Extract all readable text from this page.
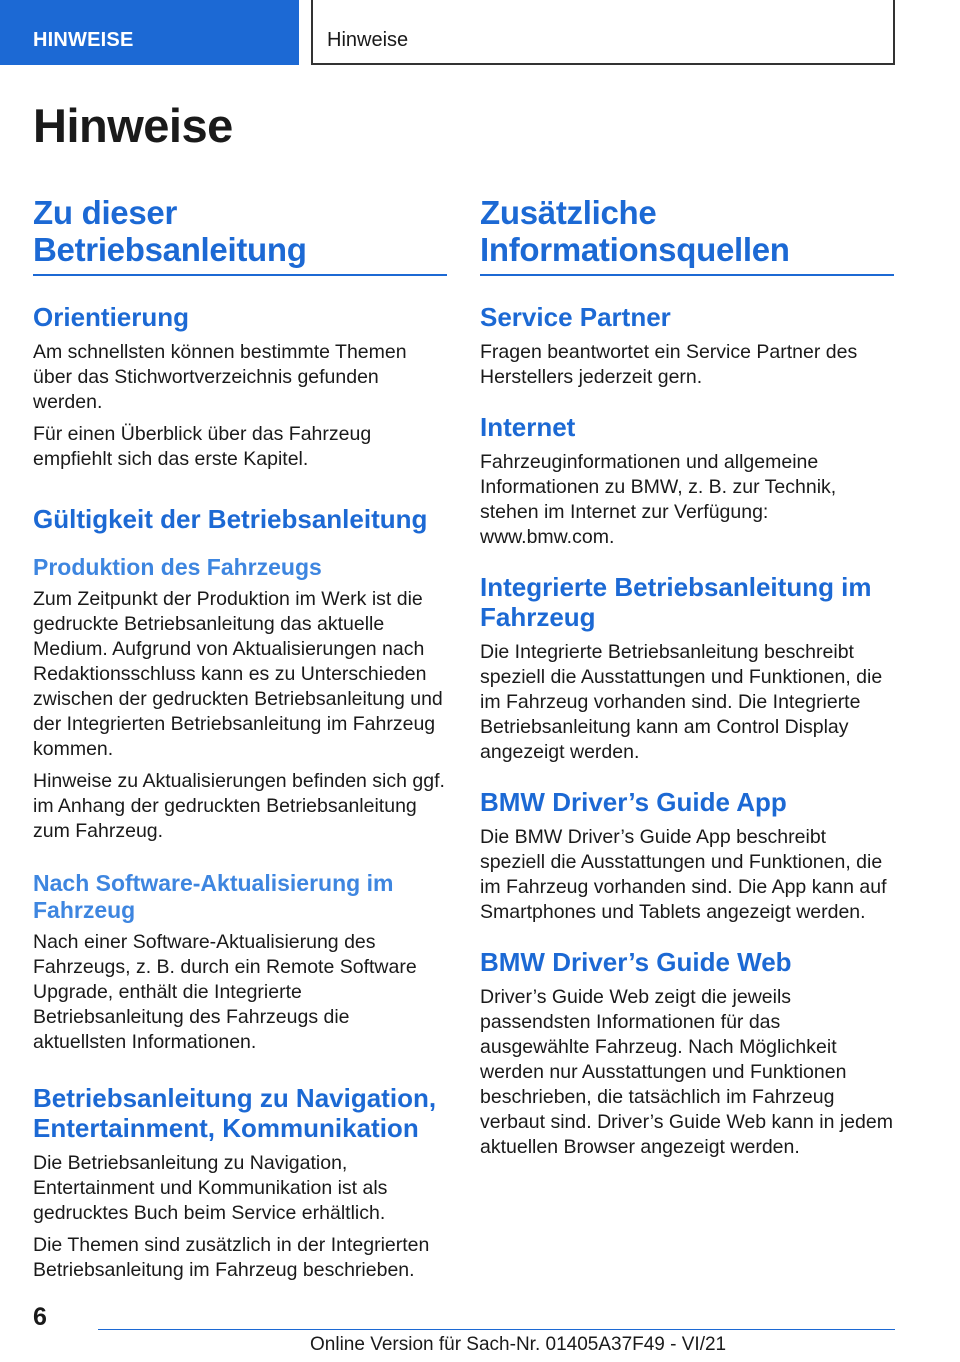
HINWEISE	Hinweise
Hinweise
Zu dieser Betriebsanleitung
Orientierung

Am schnellsten können bestimmte Themen über das Stichwortverzeichnis gefunden werden.

Für einen Überblick über das Fahrzeug empfiehlt sich das erste Kapitel.

Gültigkeit der Betriebsanleitung
Produktion des Fahrzeugs

Zum Zeitpunkt der Produktion im Werk ist die gedruckte Betriebsanleitung das aktuelle Medium. Aufgrund von Aktualisierungen nach Redaktionsschluss kann es zu Unterschieden zwischen der gedruckten Betriebsanleitung und der Integrierten Betriebsanleitung im Fahrzeug kommen.

Hinweise zu Aktualisierungen befinden sich ggf. im Anhang der gedruckten Betriebsanleitung zum Fahrzeug.

Nach Software-Aktualisierung im Fahrzeug

Nach einer Software-Aktualisierung des Fahrzeugs, z. B. durch ein Remote Software Upgrade, enthält die Integrierte Betriebsanleitung des Fahrzeugs die aktuellsten Informationen.

Betriebsanleitung zu Navigation, Entertainment, Kommunikation

Die Betriebsanleitung zu Navigation, Entertainment und Kommunikation ist als gedrucktes Buch beim Service erhältlich.

Die Themen sind zusätzlich in der Integrierten Betriebsanleitung im Fahrzeug beschrieben.

Zusätzliche Informationsquellen
Service Partner

Fragen beantwortet ein Service Partner des Herstellers jederzeit gern.

Internet

Fahrzeuginformationen und allgemeine Informationen zu BMW, z. B. zur Technik, stehen im Internet zur Verfügung: www.bmw.com.

Integrierte Betriebsanleitung im Fahrzeug

Die Integrierte Betriebsanleitung beschreibt speziell die Ausstattungen und Funktionen, die im Fahrzeug vorhanden sind. Die Integrierte Betriebsanleitung kann am Control Display angezeigt werden.

BMW Driver’s Guide App

Die BMW Driver’s Guide App beschreibt speziell die Ausstattungen und Funktionen, die im Fahrzeug vorhanden sind. Die App kann auf Smartphones und Tablets angezeigt werden.

BMW Driver’s Guide Web

Driver’s Guide Web zeigt die jeweils passendsten Informationen für das ausgewählte Fahrzeug. Nach Möglichkeit werden nur Ausstattungen und Funktionen beschrieben, die tatsächlich im Fahrzeug verbaut sind. Driver’s Guide Web kann in jedem aktuellen Browser angezeigt werden.

6
Online Version für Sach-Nr. 01405A37F49 - VI/21
